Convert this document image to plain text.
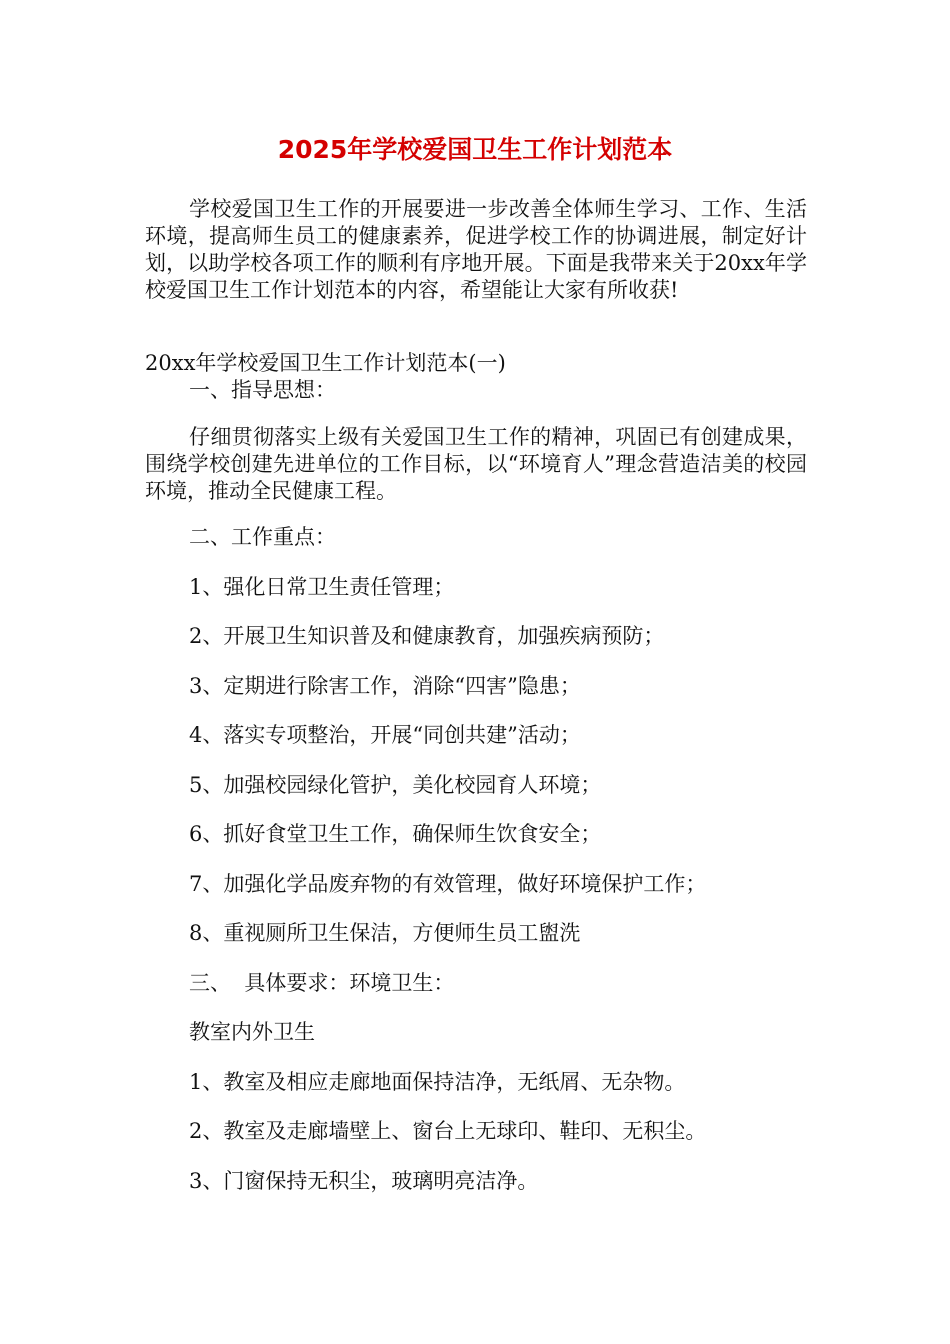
2025年学校爱国卫生工作计划范本

学校爱国卫生工作的开展要进一步改善全体师生学习、工作、生活环境，提高师生员工的健康素养，促进学校工作的协调进展，制定好计划，以助学校各项工作的顺利有序地开展。下面是我带来关于20xx年学校爱国卫生工作计划范本的内容，希望能让大家有所收获!

20xx年学校爱国卫生工作计划范本(一)

一、指导思想：

仔细贯彻落实上级有关爱国卫生工作的精神，巩固已有创建成果，围绕学校创建先进单位的工作目标，以“环境育人”理念营造洁美的校园环境，推动全民健康工程。

二、工作重点：

1、强化日常卫生责任管理；

2、开展卫生知识普及和健康教育，加强疾病预防；

3、定期进行除害工作，消除“四害”隐患；

4、落实专项整治，开展“同创共建”活动；

5、加强校园绿化管护，美化校园育人环境；

6、抓好食堂卫生工作，确保师生饮食安全；

7、加强化学品废弃物的有效管理，做好环境保护工作；

8、重视厕所卫生保洁，方便师生员工盥洗

三、  具体要求：环境卫生：

教室内外卫生

1、教室及相应走廊地面保持洁净，无纸屑、无杂物。

2、教室及走廊墙壁上、窗台上无球印、鞋印、无积尘。

3、门窗保持无积尘，玻璃明亮洁净。
